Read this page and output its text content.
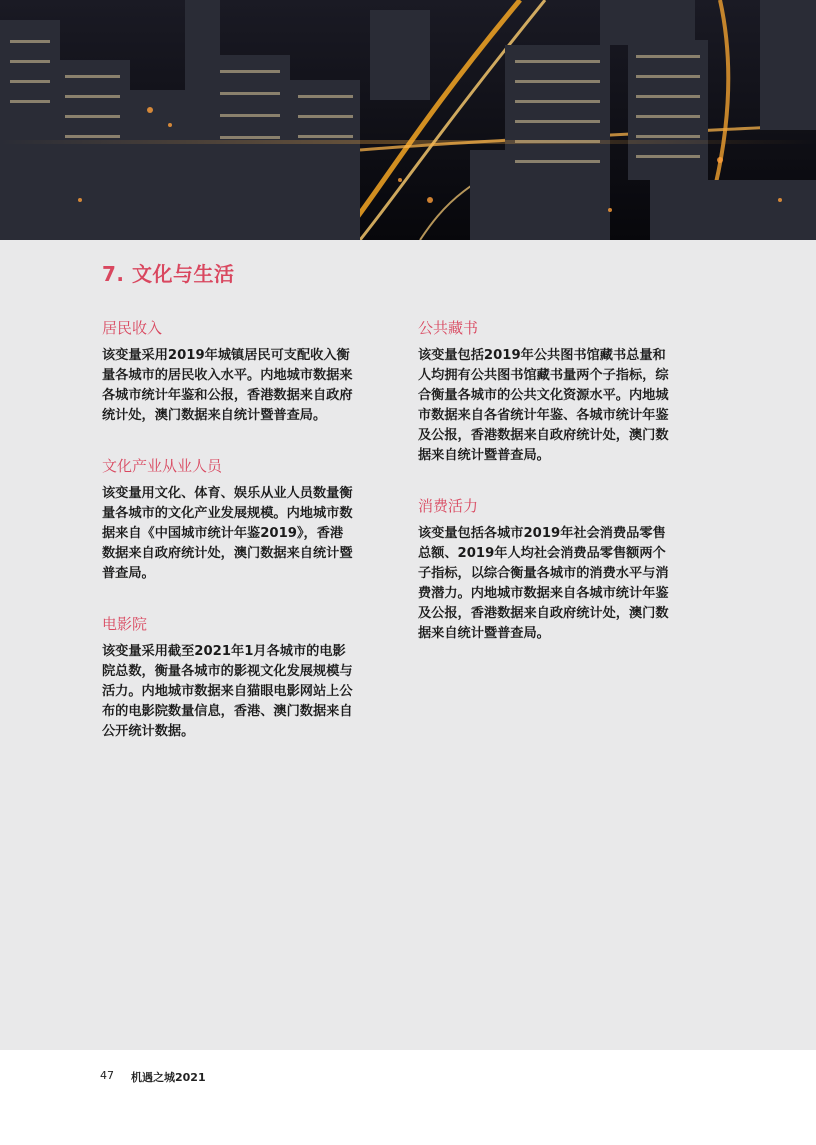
7. 文化与生活
居民收入

该变量采用2019年城镇居民可支配收入衡量各城市的居民收入水平。内地城市数据来各城市统计年鉴和公报，香港数据来自政府统计处，澳门数据来自统计暨普查局。

文化产业从业人员

该变量用文化、体育、娱乐从业人员数量衡量各城市的文化产业发展规模。内地城市数据来自《中国城市统计年鉴2019》，香港数据来自政府统计处，澳门数据来自统计暨普查局。

电影院

该变量采用截至2021年1月各城市的电影院总数，衡量各城市的影视文化发展规模与活力。内地城市数据来自猫眼电影网站上公布的电影院数量信息，香港、澳门数据来自公开统计数据。

公共藏书

该变量包括2019年公共图书馆藏书总量和人均拥有公共图书馆藏书量两个子指标，综合衡量各城市的公共文化资源水平。内地城市数据来自各省统计年鉴、各城市统计年鉴及公报，香港数据来自政府统计处，澳门数据来自统计暨普查局。

消费活力

该变量包括各城市2019年社会消费品零售总额、2019年人均社会消费品零售额两个子指标，以综合衡量各城市的消费水平与消费潜力。内地城市数据来自各城市统计年鉴及公报，香港数据来自政府统计处，澳门数据来自统计暨普查局。

47 机遇之城2021
